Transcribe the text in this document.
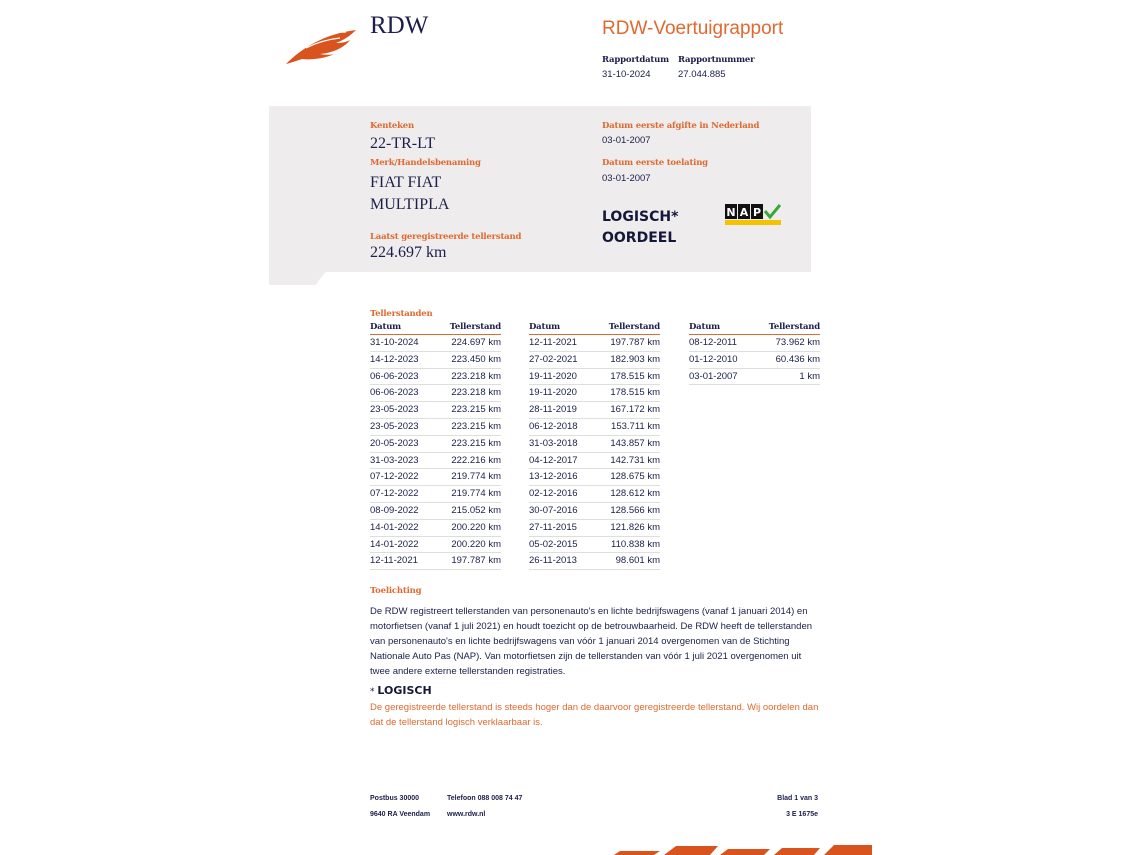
RDW	RDW-Voertuigrapport
Rapportdatum Rapportnummer
31-10-2024	27.044.885
Kenteken
22-TR-LT
Merk/Handelsbenaming
FIAT FIAT
MULTIPLA
Laatst geregistreerde tellerstand
224.697 km
Datum eerste afgifte in Nederland
03-01-2007
Datum eerste toelating
03-01-2007
LOGISCH*
OORDEEL
N A P
Tellerstanden
Datum	Tellerstand
31-10-2024	224.697 km
14-12-2023	223.450 km
06-06-2023	223.218 km
06-06-2023	223.218 km
23-05-2023	223.215 km
23-05-2023	223.215 km
20-05-2023	223.215 km
31-03-2023	222.216 km
07-12-2022	219.774 km
07-12-2022	219.774 km
08-09-2022	215.052 km
14-01-2022	200.220 km
14-01-2022	200.220 km
12-11-2021	197.787 km
Datum	Tellerstand
12-11-2021	197.787 km
27-02-2021	182.903 km
19-11-2020	178.515 km
19-11-2020	178.515 km
28-11-2019	167.172 km
06-12-2018	153.711 km
31-03-2018	143.857 km
04-12-2017	142.731 km
13-12-2016	128.675 km
02-12-2016	128.612 km
30-07-2016	128.566 km
27-11-2015	121.826 km
05-02-2015	110.838 km
26-11-2013	98.601 km
Datum	Tellerstand
08-12-2011	73.962 km
01-12-2010	60.436 km
03-01-2007	1 km
Toelichting
De RDW registreert tellerstanden van personenauto's en lichte bedrijfswagens (vanaf 1 januari 2014) en motorfietsen (vanaf 1 juli 2021) en houdt toezicht op de betrouwbaarheid. De RDW heeft de tellerstanden van personenauto's en lichte bedrijfswagens van vóór 1 januari 2014 overgenomen van de Stichting Nationale Auto Pas (NAP). Van motorfietsen zijn de tellerstanden van vóór 1 juli 2021 overgenomen uit twee andere externe tellerstanden registraties.
* LOGISCH
De geregistreerde tellerstand is steeds hoger dan de daarvoor geregistreerde tellerstand. Wij oordelen dan dat de tellerstand logisch verklaarbaar is.
Postbus 30000
9640 RA Veendam
Telefoon 088 008 74 47
www.rdw.nl
Blad 1 van 3
3 E 1675e
